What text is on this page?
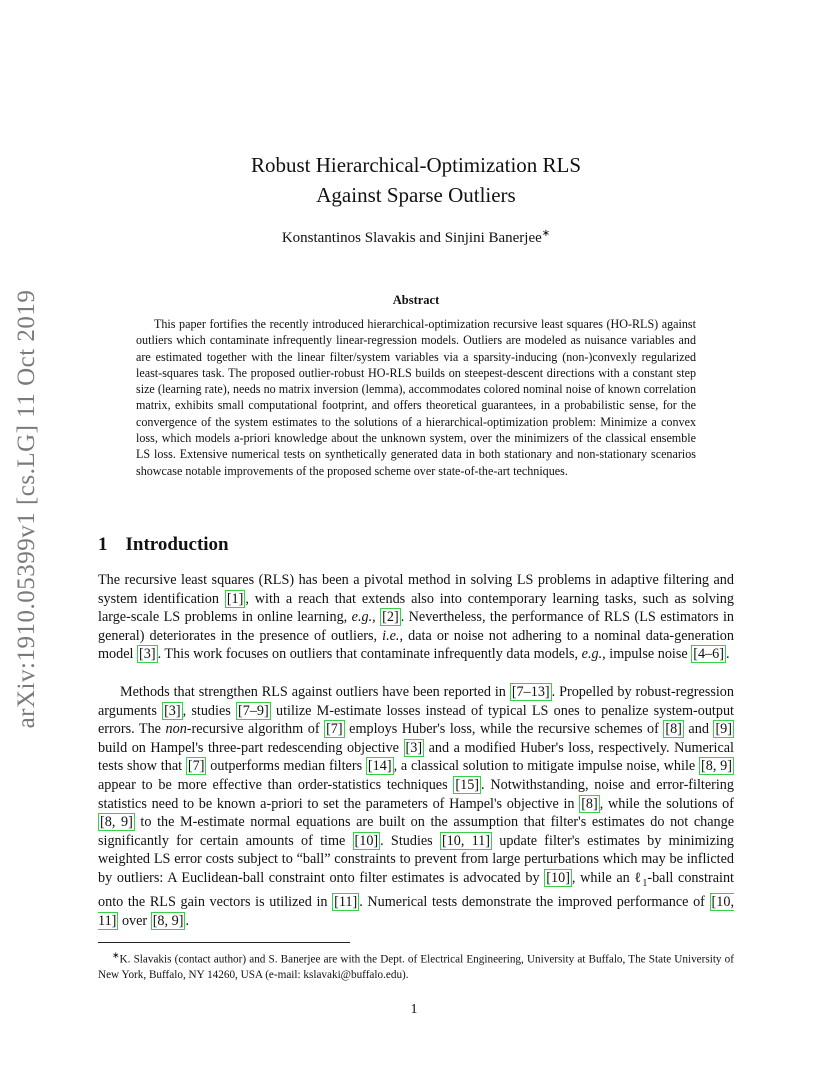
arXiv:1910.05399v1 [cs.LG] 11 Oct 2019
Robust Hierarchical-Optimization RLS
Against Sparse Outliers
Konstantinos Slavakis and Sinjini Banerjee∗
Abstract
This paper fortifies the recently introduced hierarchical-optimization recursive least squares (HO-RLS) against outliers which contaminate infrequently linear-regression models. Outliers are modeled as nuisance variables and are estimated together with the linear filter/system variables via a sparsity-inducing (non-)convexly regularized least-squares task. The proposed outlier-robust HO-RLS builds on steepest-descent directions with a constant step size (learning rate), needs no matrix inversion (lemma), accommodates colored nominal noise of known correlation matrix, exhibits small computational footprint, and offers theoretical guarantees, in a probabilistic sense, for the convergence of the system estimates to the solutions of a hierarchical-optimization problem: Minimize a convex loss, which models a-priori knowledge about the unknown system, over the minimizers of the classical ensemble LS loss. Extensive numerical tests on synthetically generated data in both stationary and non-stationary scenarios showcase notable improvements of the proposed scheme over state-of-the-art techniques.
1 Introduction
The recursive least squares (RLS) has been a pivotal method in solving LS problems in adaptive filtering and system identification [1] , with a reach that extends also into contemporary learning tasks, such as solving large-scale LS problems in online learning, e.g., [2] . Nevertheless, the performance of RLS (LS estimators in general) deteriorates in the presence of outliers, i.e., data or noise not adhering to a nominal data-generation model [3] . This work focuses on outliers that contaminate infrequently data models, e.g., impulse noise [4–6] .
Methods that strengthen RLS against outliers have been reported in [7–13] . Propelled by robust-regression arguments [3] , studies [7–9] utilize M-estimate losses instead of typical LS ones to penalize system-output errors. The non-recursive algorithm of [7] employs Huber's loss, while the recursive schemes of [8] and [9] build on Hampel's three-part redescending objective [3] and a modified Huber's loss, respectively. Numerical tests show that [7] outperforms median filters [14] , a classical solution to mitigate impulse noise, while [8, 9] appear to be more effective than order-statistics techniques [15] . Notwithstanding, noise and error-filtering statistics need to be known a-priori to set the parameters of Hampel's objective in [8] , while the solutions of [8, 9] to the M-estimate normal equations are built on the assumption that filter's estimates do not change significantly for certain amounts of time [10] . Studies [10, 11] update filter's estimates by minimizing weighted LS error costs subject to “ball” constraints to prevent from large perturbations which may be inflicted by outliers: A Euclidean-ball constraint onto filter estimates is advocated by [10] , while an ℓ$_1$-ball constraint onto the RLS gain vectors is utilized in [11] . Numerical tests demonstrate the improved performance of [10, 11] over [8, 9] .
∗K. Slavakis (contact author) and S. Banerjee are with the Dept. of Electrical Engineering, University at Buffalo, The State University of New York, Buffalo, NY 14260, USA (e-mail: kslavaki@buffalo.edu).
1
